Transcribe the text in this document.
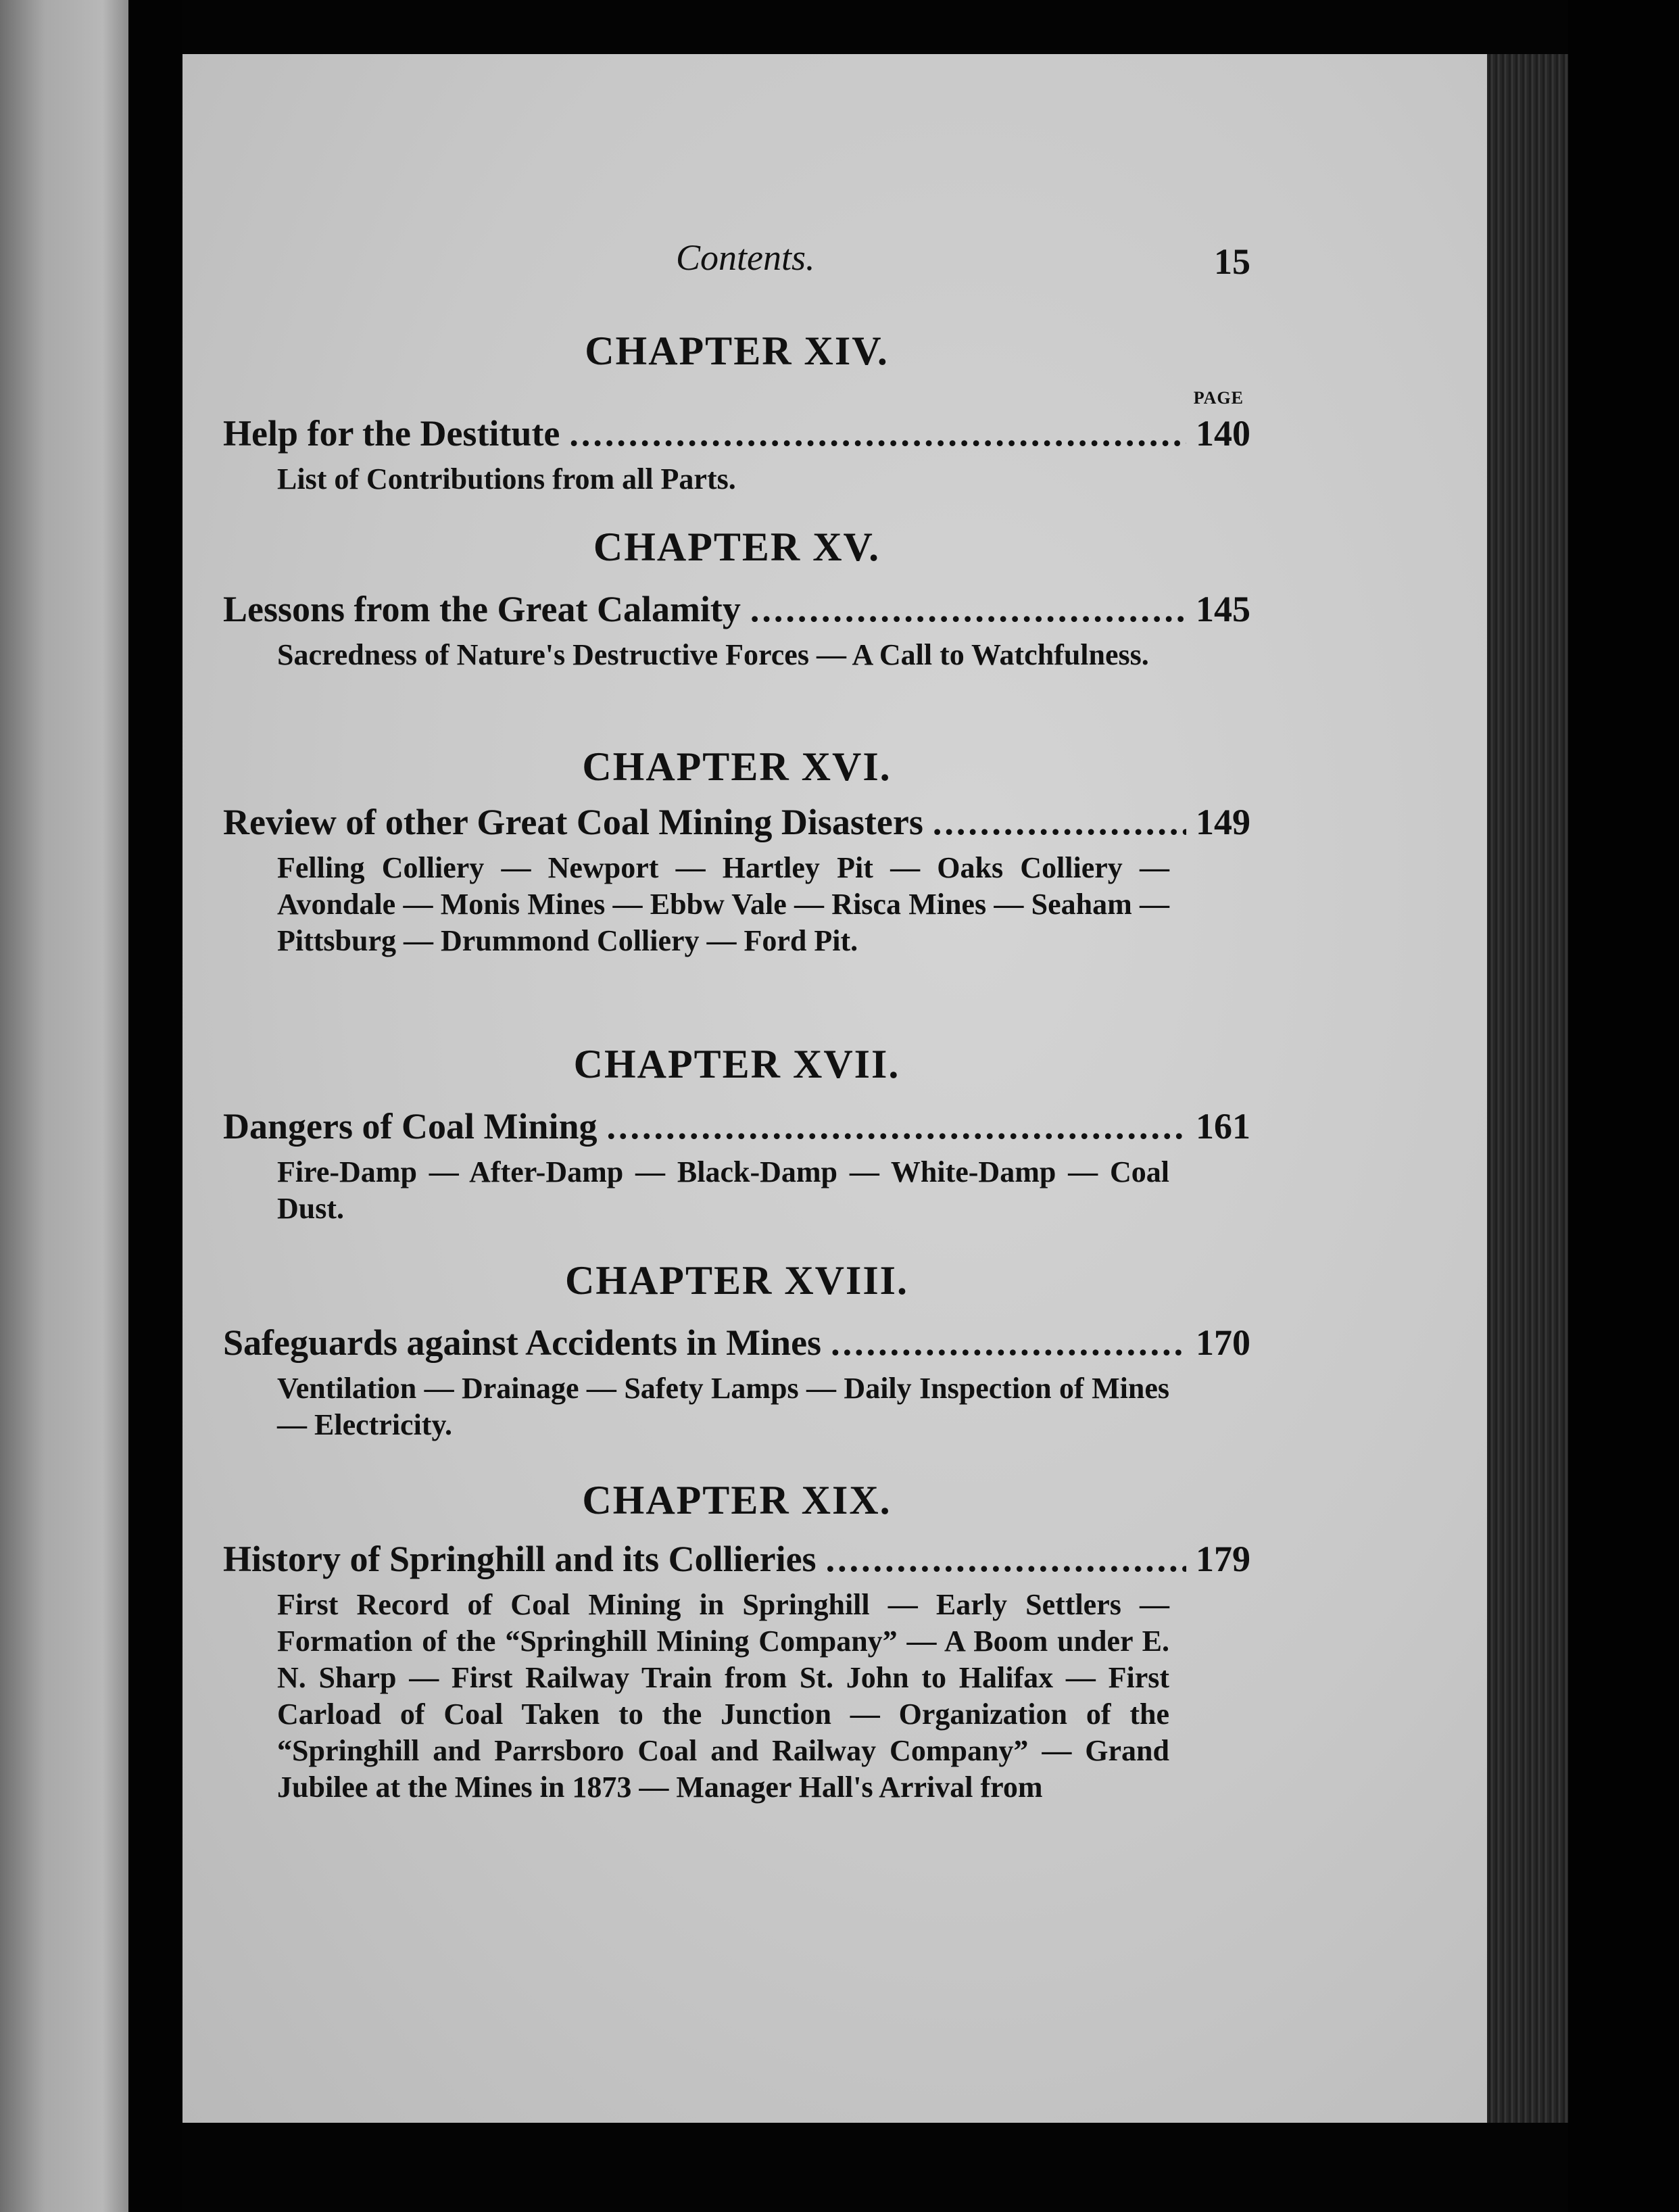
Contents.	15
CHAPTER XIV.
PAGE
Help for the Destitute .....	140
List of Contributions from all Parts.
CHAPTER XV.
Lessons from the Great Calamity .....	145
Sacredness of Nature's Destructive Forces — A Call to Watchfulness.
CHAPTER XVI.
Review of other Great Coal Mining Disasters .....	149
Felling Colliery — Newport — Hartley Pit — Oaks Colliery — Avondale — Monis Mines — Ebbw Vale — Risca Mines — Seaham — Pittsburg — Drummond Colliery — Ford Pit.
CHAPTER XVII.
Dangers of Coal Mining .....	161
Fire-Damp — After-Damp — Black-Damp — White-Damp — Coal Dust.
CHAPTER XVIII.
Safeguards against Accidents in Mines .....	170
Ventilation — Drainage — Safety Lamps — Daily Inspection of Mines — Electricity.
CHAPTER XIX.
History of Springhill and its Collieries .....	179
First Record of Coal Mining in Springhill — Early Settlers — Formation of the “Springhill Mining Company” — A Boom under E. N. Sharp — First Railway Train from St. John to Halifax — First Carload of Coal Taken to the Junction — Organization of the “Springhill and Parrsboro Coal and Railway Company” — Grand Jubilee at the Mines in 1873 — Manager Hall's Arrival from
